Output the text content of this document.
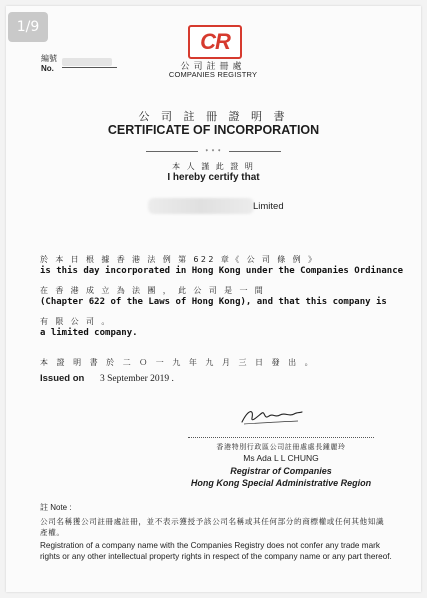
1/9
編號
No.
CR
公司註冊處
COMPANIES REGISTRY
公 司 註 冊 證 明 書
CERTIFICATE OF INCORPORATION
* * *
本 人 謹 此 證 明
I hereby certify that
Limited
於 本 日 根 據 香 港 法 例 第 622 章《 公 司 條 例 》
is this day incorporated in Hong Kong under the Companies Ordinance
在 香 港 成 立 為 法 團 ， 此 公 司 是 一 間
(Chapter 622 of the Laws of Hong Kong), and that this company is
有 限 公 司 。
a limited company.
本 證 明 書 於 二 Ｏ 一 九 年 九 月 三 日 發 出 。
Issued on 3 September 2019 .
香港特別行政區公司註冊處處長鍾麗玲
Ms Ada L L CHUNG
Registrar of Companies
Hong Kong Special Administrative Region
註 Note :
公司名稱獲公司註冊處註冊，並不表示獲授予該公司名稱或其任何部分的商標權或任何其他知識產權。
Registration of a company name with the Companies Registry does not confer any trade mark rights or any other intellectual property rights in respect of the company name or any part thereof.
